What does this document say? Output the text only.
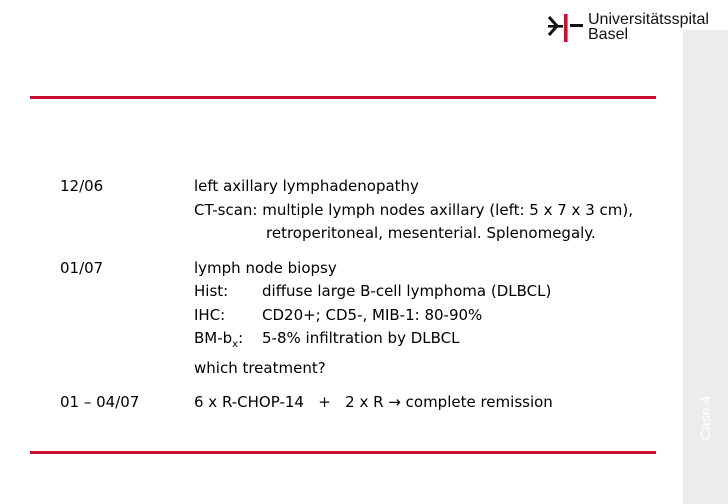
Universitätsspital
Basel
Case 4
12/06	left axillary lymphadenopathy
CT-scan: multiple lymph nodes axillary (left: 5 x 7 x 3 cm),
retroperitoneal, mesenterial. Splenomegaly.
01/07	lymph node biopsy
Hist: diffuse large B-cell lymphoma (DLBCL)
IHC: CD20+; CD5-, MIB-1: 80-90%
$BM-b_x$: 5-8% infiltration by DLBCL
which treatment?
01 – 04/07	6 x R-CHOP-14   +   2 x R → complete remission
